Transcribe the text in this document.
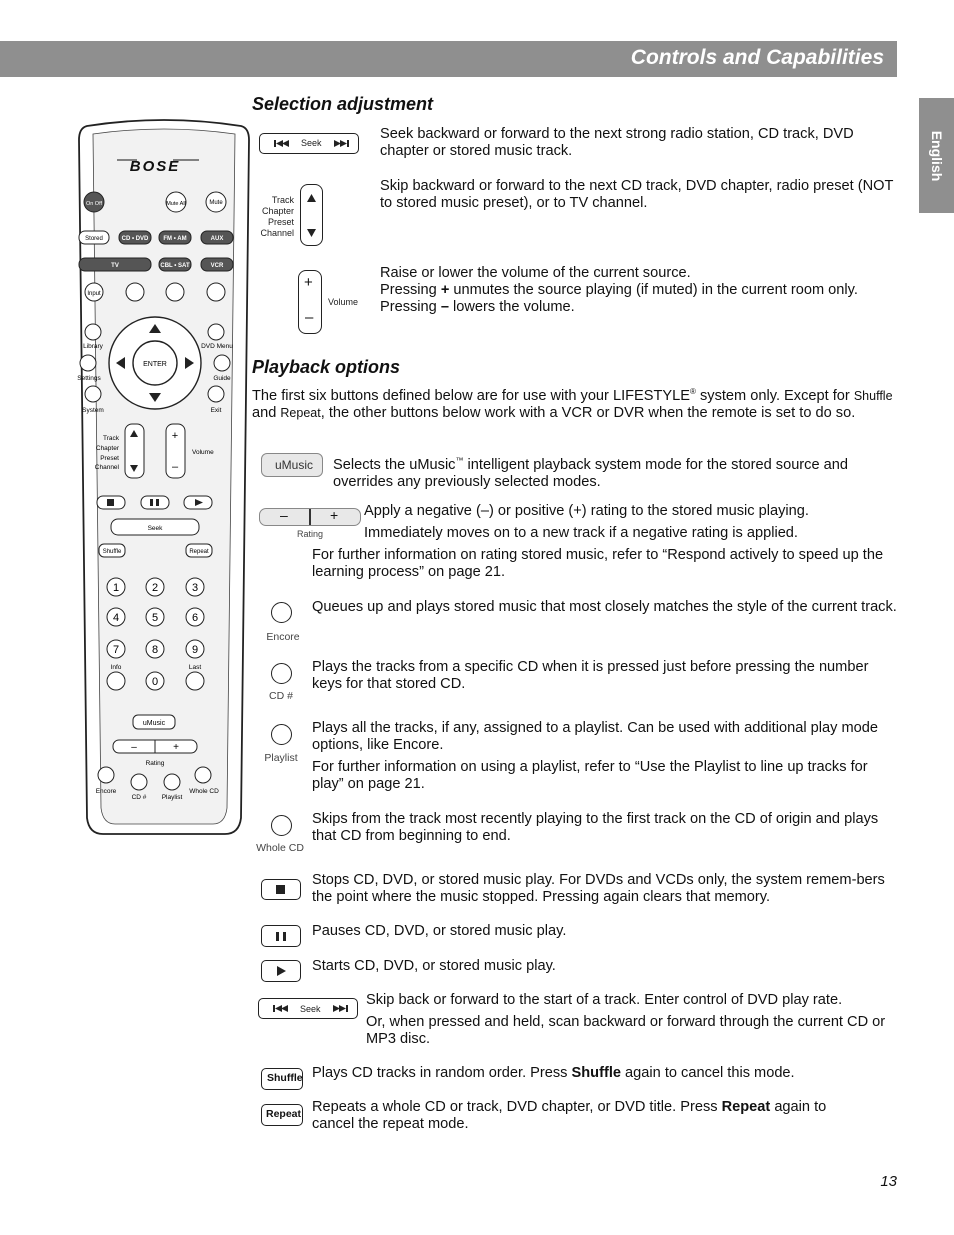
Controls and Capabilities
English
BOSE
On Off	Mute All	Mute
Stored	CD • DVD	FM • AM	AUX
TV	CBL • SAT	VCR
Input
Library	DVD Menu
Settings	Guide
ENTER
System	Exit
Track
Chapter
Preset
Channel
+
–
Volume
Seek
Shuffle	Repeat
1	2	3
4	5	6
7	8	9
0
Info	Last
uMusic
–	+
Rating
Encore
CD # Playlist
Whole CD
Selection adjustment
Seek
Seek backward or forward to the next strong radio station, CD track, DVD chapter or stored music track.
Track
Chapter
Preset
Channel
Skip backward or forward to the next CD track, DVD chapter, radio preset (NOT to stored music preset), or to TV channel.
+
–
Volume
Raise or lower the volume of the current source.
Pressing + unmutes the source playing (if muted) in the current room only.
Pressing – lowers the volume.
Playback options
The first six buttons defined below are for use with your LIFESTYLE® system only. Except for Shuffle and Repeat, the other buttons below work with a VCR or DVR when the remote is set to do so.
uMusic Selects the uMusic™ intelligent playback system mode for the stored source and overrides any previously selected modes.
–	+
Rating
Apply a negative (–) or positive (+) rating to the stored music playing.
Immediately moves on to a new track if a negative rating is applied.
For further information on rating stored music, refer to “Respond actively to speed up the learning process” on page 21.
Encore
Queues up and plays stored music that most closely matches the style of the current track.
CD #
Plays the tracks from a specific CD when it is pressed just before pressing the number keys for that stored CD.
Playlist
Plays all the tracks, if any, assigned to a playlist. Can be used with additional play mode options, like Encore.
For further information on using a playlist, refer to “Use the Playlist to line up tracks for play” on page 21.
Whole CD
Skips from the track most recently playing to the first track on the CD of origin and plays that CD from beginning to end.
Stops CD, DVD, or stored music play. For DVDs and VCDs only, the system remem-bers the point where the music stopped. Pressing again clears that memory.
Pauses CD, DVD, or stored music play.
Starts CD, DVD, or stored music play.
Seek
Skip back or forward to the start of a track. Enter control of DVD play rate.
Or, when pressed and held, scan backward or forward through the current CD or MP3 disc.
Shuffle Plays CD tracks in random order. Press Shuffle again to cancel this mode.
Repeat Repeats a whole CD or track, DVD chapter, or DVD title. Press Repeat again to cancel the repeat mode.
13
